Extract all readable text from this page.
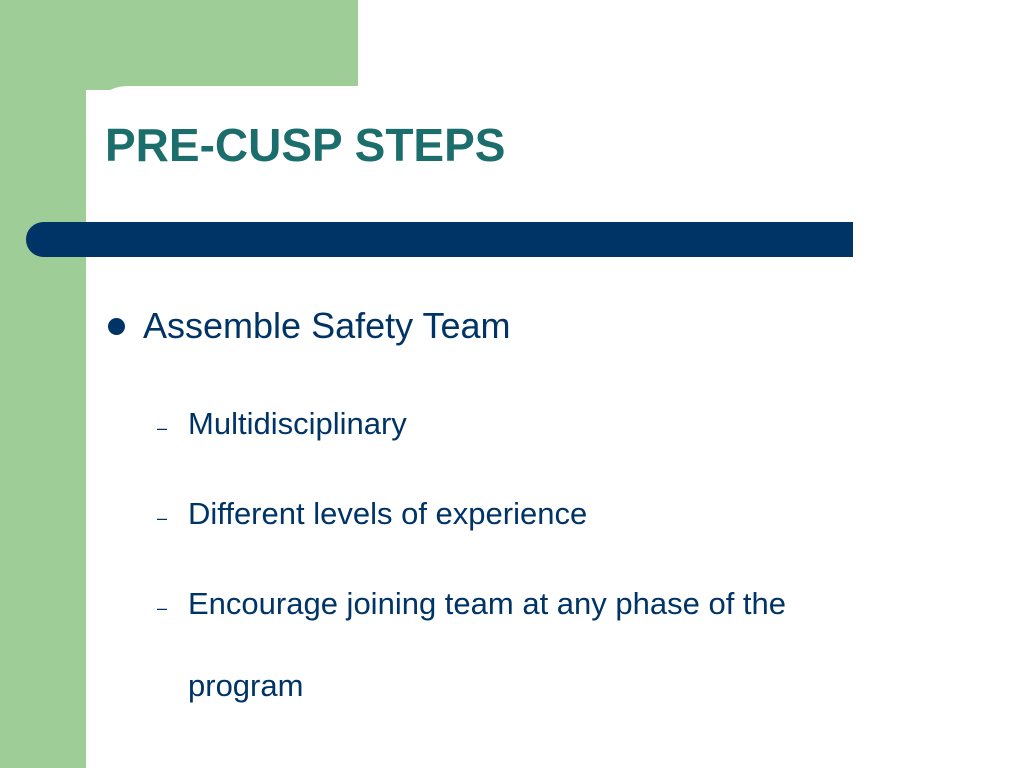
PRE-CUSP STEPS
Assemble Safety Team
– Multidisciplinary
– Different levels of experience
– Encourage joining team at any phase of the
program
